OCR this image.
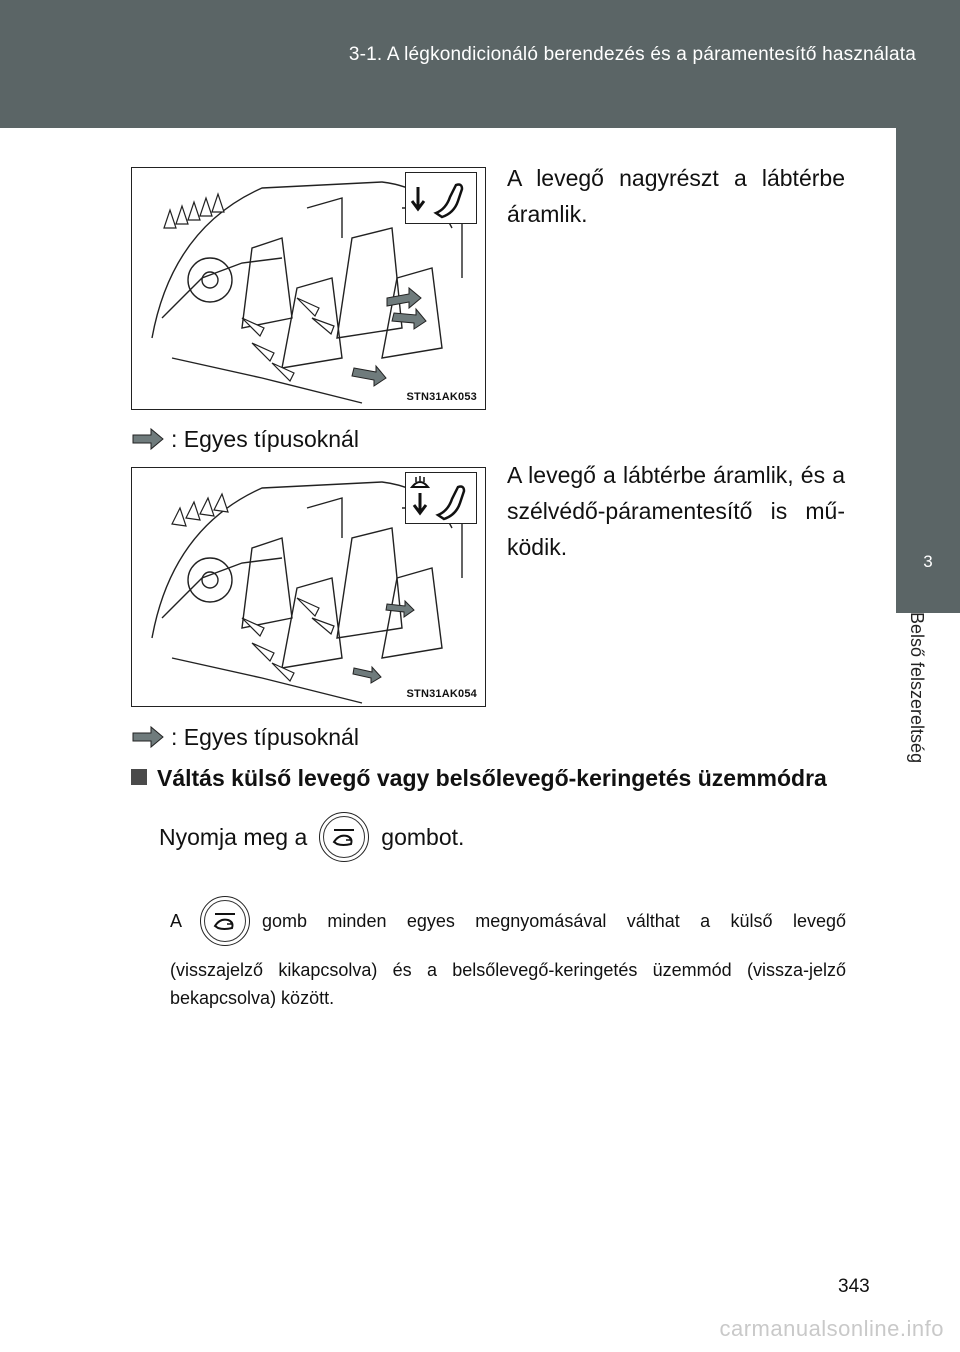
3-1. A légkondicionáló berendezés és a páramentesítő használata
3
Belső felszereltség
STN31AK053
A levegő nagyrészt a lábtérbe áramlik.
: Egyes típusoknál
STN31AK054
A levegő a lábtérbe áramlik, és a szélvédő-páramentesítő is mű-ködik.
: Egyes típusoknál
Váltás külső levegő vagy belsőlevegő-keringetés üzemmódra
Nyomja meg a	gombot.
A	gomb minden egyes megnyomásával válthat a külső levegő
(visszajelző kikapcsolva) és a belsőlevegő-keringetés üzemmód (vissza-jelző bekapcsolva) között.
343
carmanualsonline.info
